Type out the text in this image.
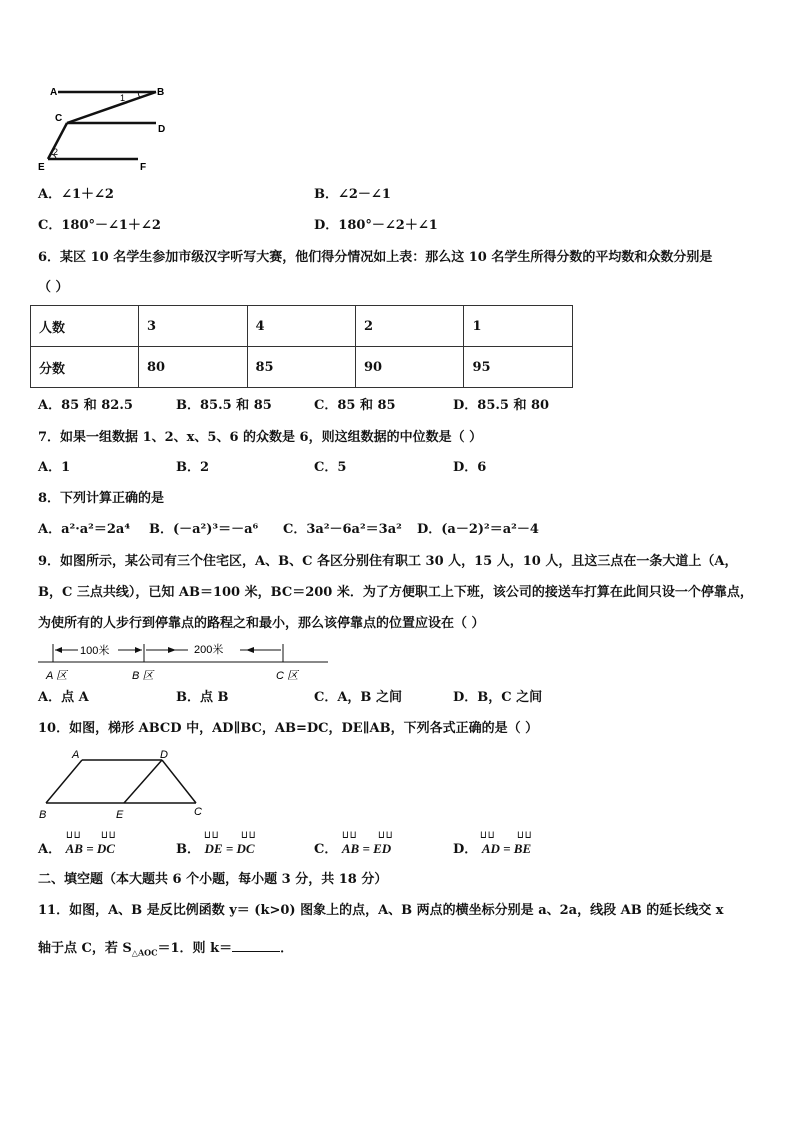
A	B
C
D
E	F
1
2
A．∠1＋∠2	B．∠2－∠1
C．180°－∠1＋∠2	D．180°－∠2＋∠1
6．某区 10 名学生参加市级汉字听写大赛，他们得分情况如上表：那么这 10 名学生所得分数的平均数和众数分别是
（ ）
人数	3	4	2	1
分数	80	85	90	95
A．85 和 82.5	B．85.5 和 85	C．85 和 85	D．85.5 和 80
7．如果一组数据 1、2、x、5、6 的众数是 6，则这组数据的中位数是（ ）
A．1	B．2	C．5	D．6
8．下列计算正确的是
A．a²·a²＝2a⁴ B．(－a²)³＝－a⁶ C．3a²－6a²＝3a² D．(a－2)²＝a²－4
9．如图所示，某公司有三个住宅区，A、B、C 各区分别住有职工 30 人，15 人，10 人，且这三点在一条大道上（A，
B，C 三点共线），已知 AB＝100 米，BC＝200 米．为了方便职工上下班，该公司的接送车打算在此间只设一个停靠点，
为使所有的人步行到停靠点的路程之和最小，那么该停靠点的位置应设在（ ）
100米	200米
A 区	B 区	C 区
A．点 A	B．点 B	C．A，B 之间	D．B，C 之间
10．如图，梯形 ABCD 中，AD∥BC，AB=DC，DE∥AB，下列各式正确的是（ ）
A	D
B	E	C
A． AB = DC
ⵡⵡ ⵡⵡ
B． DE = DC
ⵡⵡ ⵡⵡ
C． AB = ED
ⵡⵡ ⵡⵡ
D． AD = BE
ⵡⵡ ⵡⵡ
二、填空题（本大题共 6 个小题，每小题 3 分，共 18 分）
11．如图，A、B 是反比例函数 y＝ (k>0) 图象上的点，A、B 两点的横坐标分别是 a、2a，线段 AB 的延长线交 x
轴于点 C，若 $S_{\triangle AOC}=1$．则 k＝	．
